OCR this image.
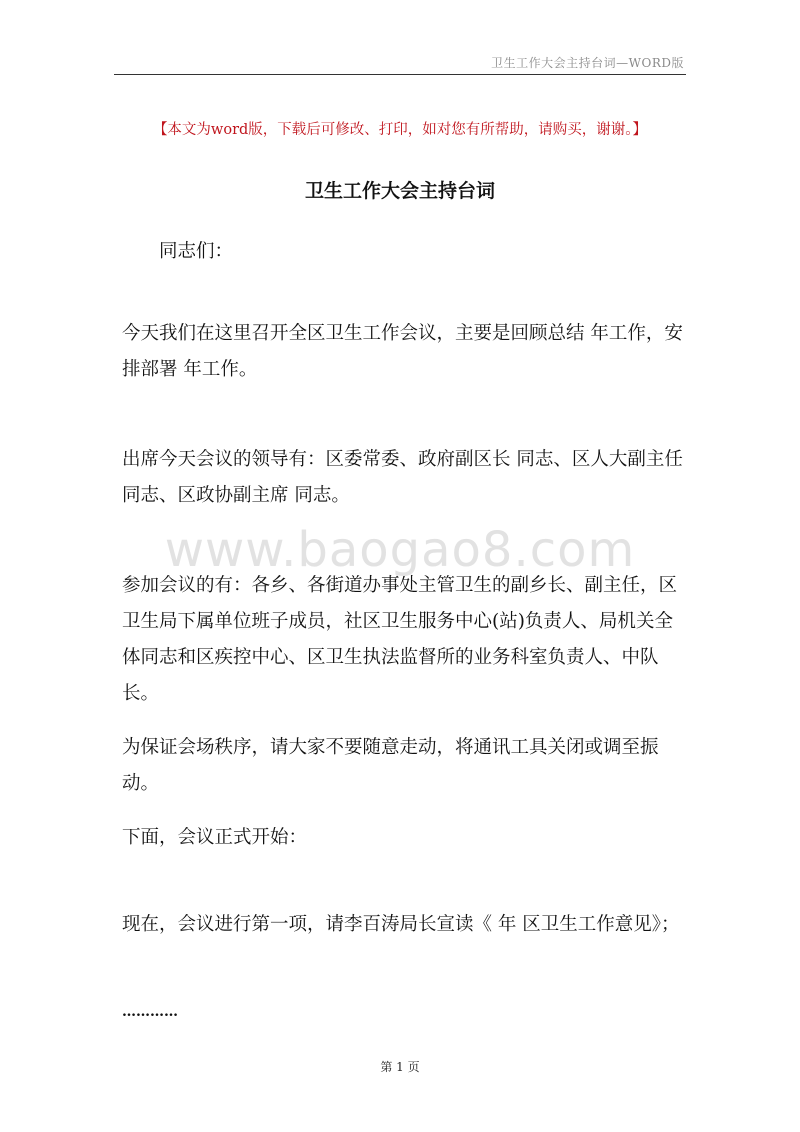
卫生工作大会主持台词—WORD版
【本文为word版，下载后可修改、打印，如对您有所帮助，请购买，谢谢。】
卫生工作大会主持台词

同志们：

今天我们在这里召开全区卫生工作会议，主要是回顾总结 年工作，安排部署 年工作。

出席今天会议的领导有：区委常委、政府副区长 同志、区人大副主任 同志、区政协副主席 同志。

参加会议的有：各乡、各街道办事处主管卫生的副乡长、副主任，区卫生局下属单位班子成员，社区卫生服务中心(站)负责人、局机关全体同志和区疾控中心、区卫生执法监督所的业务科室负责人、中队长。

为保证会场秩序，请大家不要随意走动，将通讯工具关闭或调至振动。

下面，会议正式开始：

现在，会议进行第一项，请李百涛局长宣读《 年 区卫生工作意见》；

…………

www.baogao8.com
第 1 页
